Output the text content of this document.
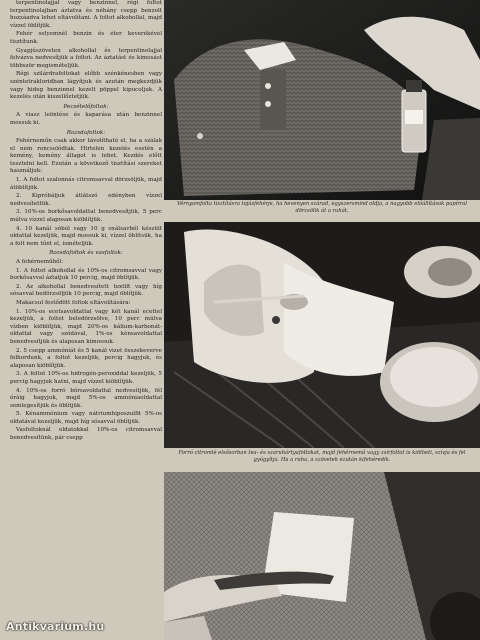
terpentinolajjal vagy benzinnel, régi foltot terpentinolajban áztatva és néhány csepp benzolt hozzáadva lehet eltávolítani. A foltot alkohollal, majd vízzel öblítjük.

Fehér selyemnél benzin és éter keverékével tisztítunk.

Gyapjúszöveten alkohollal és terpentinolajjal felvázva nedvesítjük a foltot. Az áztatást és kimosást többször megismételjük.

Régi szilárdrafoltokat előbb szénkénesben vagy széntetrakloridban lágyítjuk és azután megkezdjük vagy hideg benzinnel kezelt pöppel kipucoljuk. A kezelés után kiszellőztetjük.

Pecsételőfoltok:

A viasz leöntése és kaparása után benzinnel mossuk ki.

Rozsdafoltok:

Fehérneműn csak akkor távolítható el, ha a szálak el nem roncsolódtak. Hirtelen kezelés esetén a kemény, kemény állagot is lehet. Kezdés előtt tesztelni kell. Ezután a következő tisztítási szereket használjuk:

1. A foltot szalonnás citromsavval dörzsöljük, majd átöblítjük.

2. Kipróbáljuk átlátszó edényben vízzel nedvesítettük.

3. 10%-os borkősavoldattal benedvesítjük, 5 perc múlva vízzel alaposan kiöblítjük.

4. 10 kanál sóból vagy 10 g oxálsavból készült oldattal kezeljük, majd mossuk ki, vízzel öblítsük, ha a folt nem tűnt el, ismételjük.

Rozsdafoltok és vasfoltok:

A fehérneműből:

1. A foltot alkohollal és 10%-os citromsavval vagy borkősavval áztatjuk 10 percig, majd öblítjük.

2. Az alkohollal benedvesített textilt vagy híg sósavval bedörzsöljük 10 percig, majd öblítjük.

Makacsul festődött foltok eltávolítására:

1. 10%-os ecetsavoldattal vagy két kanál ecettel kezeljük, a foltot beledörzsölve, 10 perc múlva vízben kiöblítjük, majd 20%-os kálium-karbonát-oldattal vagy szódával, 1%-os kénsavoldattal benedvesítjük és alaposan kimossuk.

2. 5 csepp ammóniát és 5 kanál vizet összekeverve felhordunk, a foltot kezeljük, percig hagyjuk, és alaposan kiöblítjük.

3. A foltot 10%-os hidrogén-peroxiddal kezeljük, 5 percig hagyjuk hatni, majd vízzel kiöblítjük.

4. 10%-os forró bórsavoldattal nedvesítjük, fél óráig hagyjuk, majd 5%-os ammóniaoldattal semlegesítjük és öblítjük.

5. Kénammónium vagy nátriumhiposzulfit 5%-os oldatával kezeljük, majd híg sósavval öblítjük.

Vasfoltoknál oldatokkal 10%-os citromsavval benedvesítünk, pár csepp

Vérnyomfolta tisztításra tojásfehérje, ha hevenyen szárad, egyszersmind oldja, a nagyobb előállítások papírral dörzsölik át a ruhát.
Forró citromlé elsősorban tea- és szaruhártyafoltokat, majd fehérnemű vagy zsírfoltot is kiölheti, szívja és fel gyógyítja. Ha a ruha, a szövetek ezután kifehéredik.
Antikvarium.hu
